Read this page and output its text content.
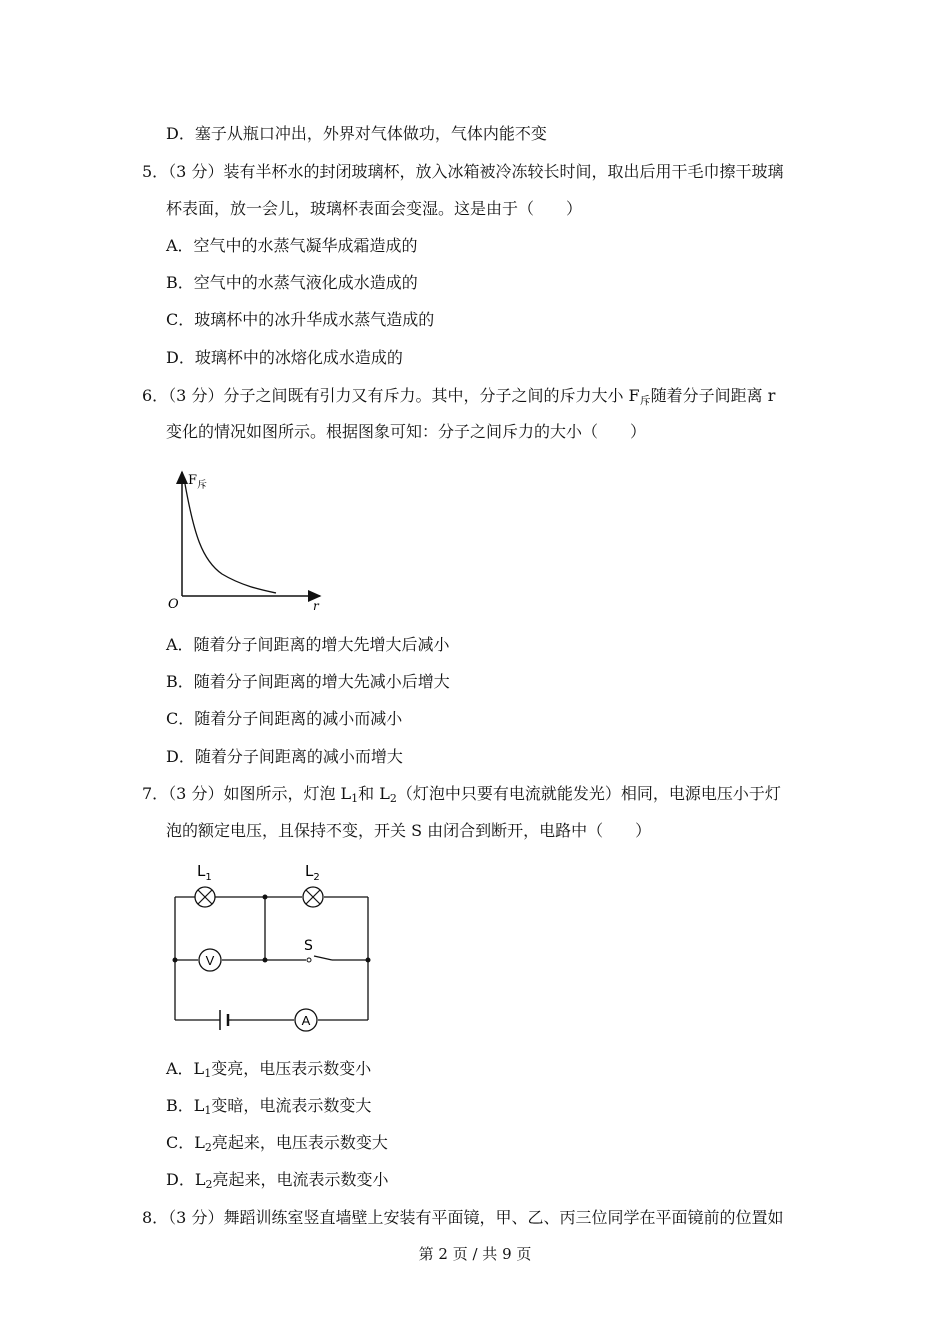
D．塞子从瓶口冲出，外界对气体做功，气体内能不变
5．（3 分）装有半杯水的封闭玻璃杯，放入冰箱被冷冻较长时间，取出后用干毛巾擦干玻璃
杯表面，放一会儿，玻璃杯表面会变湿。这是由于（　　）
A．空气中的水蒸气凝华成霜造成的
B．空气中的水蒸气液化成水造成的
C．玻璃杯中的冰升华成水蒸气造成的
D．玻璃杯中的冰熔化成水造成的
6．（3 分）分子之间既有引力又有斥力。其中，分子之间的斥力大小 $F_斥$随着分子间距离 r
变化的情况如图所示。根据图象可知：分子之间斥力的大小（　　）
$F_斥$
O	r
A．随着分子间距离的增大先增大后减小
B．随着分子间距离的增大先减小后增大
C．随着分子间距离的减小而减小
D．随着分子间距离的减小而增大
7．（3 分）如图所示，灯泡 $L_1$和 $L_2$（灯泡中只要有电流就能发光）相同，电源电压小于灯
泡的额定电压，且保持不变，开关 S 由闭合到断开，电路中（　　）
V
A
$L_1$	$L_2$
S
A．$L_1$变亮，电压表示数变小
B．$L_1$变暗，电流表示数变大
C．$L_2$亮起来，电压表示数变大
D．$L_2$亮起来，电流表示数变小
8．（3 分）舞蹈训练室竖直墙壁上安装有平面镜，甲、乙、丙三位同学在平面镜前的位置如
第 2 页 / 共 9 页
